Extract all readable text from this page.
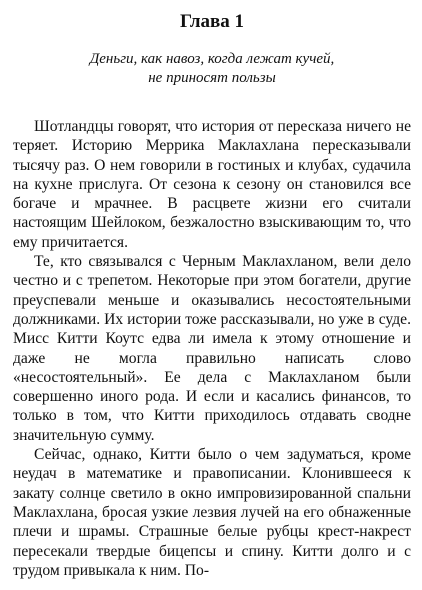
Глава 1
Деньги, как навоз, когда лежат кучей,
не приносят пользы

Шотландцы говорят, что история от пересказа ничего не теряет. Историю Меррика Маклахлана пересказывали тысячу раз. О нем говорили в гостиных и клубах, судачила на кухне прислуга. От сезона к сезону он становился все богаче и мрачнее. В расцвете жизни его считали настоящим Шейлоком, безжалостно взыскивающим то, что ему причитается.

Те, кто связывался с Черным Маклахланом, вели дело честно и с трепетом. Некоторые при этом богатели, другие преуспевали меньше и оказывались несостоятельными должниками. Их истории тоже рассказывали, но уже в суде. Мисс Китти Коутс едва ли имела к этому отношение и даже не могла правильно написать слово «несостоятельный». Ее дела с Маклахланом были совершенно иного рода. И если и касались финансов, то только в том, что Китти приходилось отдавать сводне значительную сумму.

Сейчас, однако, Китти было о чем задуматься, кроме неудач в математике и правописании. Клонившееся к закату солнце светило в окно импровизированной спальни Маклахлана, бросая узкие лезвия лучей на его обнаженные плечи и шрамы. Страшные белые рубцы крест-накрест пересекали твердые бицепсы и спину. Китти долго и с трудом привыкала к ним. По-
